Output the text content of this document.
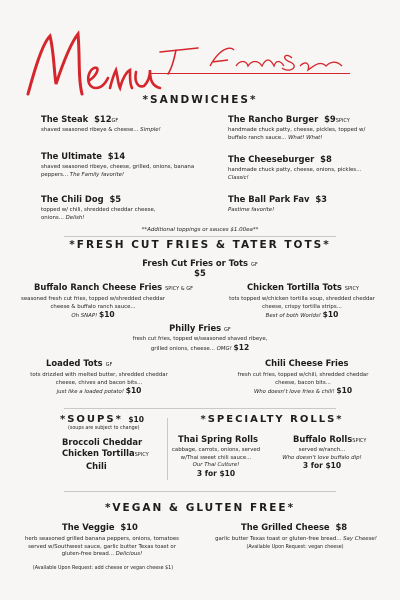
Menu
The Family Spoon
*SANDWICHES*
The Steak $12GF
shaved seasoned ribeye & cheese... Simple!
The Ultimate $14
shaved seasoned ribeye, cheese, grilled, onions, banana peppers... The Family favorite!
The Chili Dog $5
topped w/ chili, shredded cheddar cheese, onions... Delish!
The Rancho Burger $9SPICY
handmade chuck patty, cheese, pickles, topped w/ buffalo ranch sauce... What! What!
The Cheeseburger $8
handmade chuck patty, cheese, onions, pickles... Classic!
The Ball Park Fav $3
Pastime favorite!
**Additional toppings or sauces $1.00ea**
*FRESH CUT FRIES & TATER TOTS*
Fresh Cut Fries or Tots GF
$5
Buffalo Ranch Cheese Fries SPICY & GF
seasoned fresh cut fries, topped w/shredded cheddar cheese & buffalo ranch sauce...
Oh SNAP! $10
Chicken Tortilla Tots SPICY
tots topped w/chicken tortilla soup, shredded cheddar cheese, crispy tortilla strips...
Best of both Worlds! $10
Philly Fries GF
fresh cut fries, topped w/seasoned shaved ribeye, grilled onions, cheese... OMG! $12
Loaded Tots GF
tots drizzled with melted butter, shredded cheddar cheese, chives and bacon bits...
just like a loaded potato! $10
Chili Cheese Fries
fresh cut fries, topped w/chili, shredded cheddar cheese, bacon bits...
Who doesn't love fries & chili! $10
*SOUPS* $10
(soups are subject to change)
Broccoli Cheddar
Chicken TortillaSPICY
Chili
*SPECIALTY ROLLS*
Thai Spring Rolls
cabbage, carrots, onions, served w/Thai sweet chili sauce...
Our Thai Culture!
3 for $10
Buffalo RollsSPICY
served w/ranch...
Who doesn't love buffalo dip!
3 for $10
*VEGAN & GLUTEN FREE*
The Veggie $10
herb seasoned grilled banana peppers, onions, tomatoes served w/Southwest sauce, garlic butter Texas toast or gluten-free bread... Delicious!
(Available Upon Request: add cheese or vegan cheese $1)
The Grilled Cheese $8
garlic butter Texas toast or gluten-free bread... Say Cheese!
(Available Upon Request: vegan cheese)
